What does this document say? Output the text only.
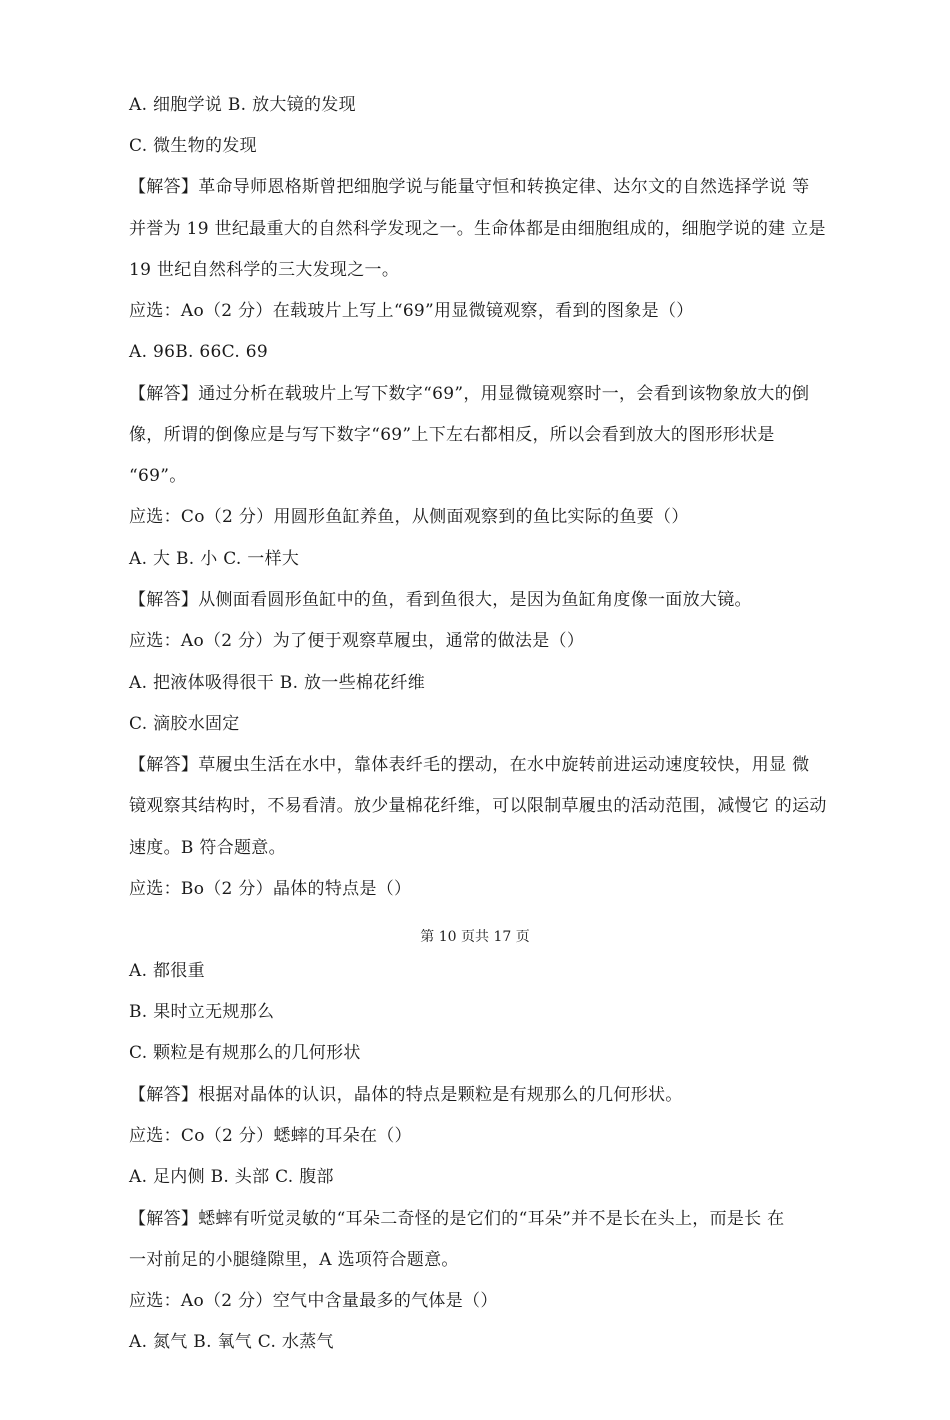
A. 细胞学说 B. 放大镜的发现
C. 微生物的发现
【解答】革命导师恩格斯曾把细胞学说与能量守恒和转换定律、达尔文的自然选择学说 等
并誉为 19 世纪最重大的自然科学发现之一。生命体都是由细胞组成的，细胞学说的建 立是
19 世纪自然科学的三大发现之一。
应选：Ao（2 分）在载玻片上写上“69”用显微镜观察，看到的图象是（）
A. 96B. 66C. 69
【解答】通过分析在载玻片上写下数字“69”，用显微镜观察时一，会看到该物象放大的倒
像，所谓的倒像应是与写下数字“69”上下左右都相反，所以会看到放大的图形形状是
“69”。
应选：Co（2 分）用圆形鱼缸养鱼，从侧面观察到的鱼比实际的鱼要（）
A. 大 B. 小 C. 一样大
【解答】从侧面看圆形鱼缸中的鱼，看到鱼很大，是因为鱼缸角度像一面放大镜。
应选：Ao（2 分）为了便于观察草履虫，通常的做法是（）
A. 把液体吸得很干 B. 放一些棉花纤维
C. 滴胶水固定
【解答】草履虫生活在水中，靠体表纤毛的摆动，在水中旋转前进运动速度较快，用显 微
镜观察其结构时，不易看清。放少量棉花纤维，可以限制草履虫的活动范围，减慢它 的运动
速度。B 符合题意。
应选：Bo（2 分）晶体的特点是（）
第 10 页共 17 页
A. 都很重
B. 果时立无规那么
C. 颗粒是有规那么的几何形状
【解答】根据对晶体的认识，晶体的特点是颗粒是有规那么的几何形状。
应选：Co（2 分）蟋蟀的耳朵在（）
A. 足内侧 B. 头部 C. 腹部
【解答】蟋蟀有听觉灵敏的“耳朵二奇怪的是它们的“耳朵”并不是长在头上，而是长 在
一对前足的小腿缝隙里，A 选项符合题意。
应选：Ao（2 分）空气中含量最多的气体是（）
A. 氮气 B. 氧气 C. 水蒸气
